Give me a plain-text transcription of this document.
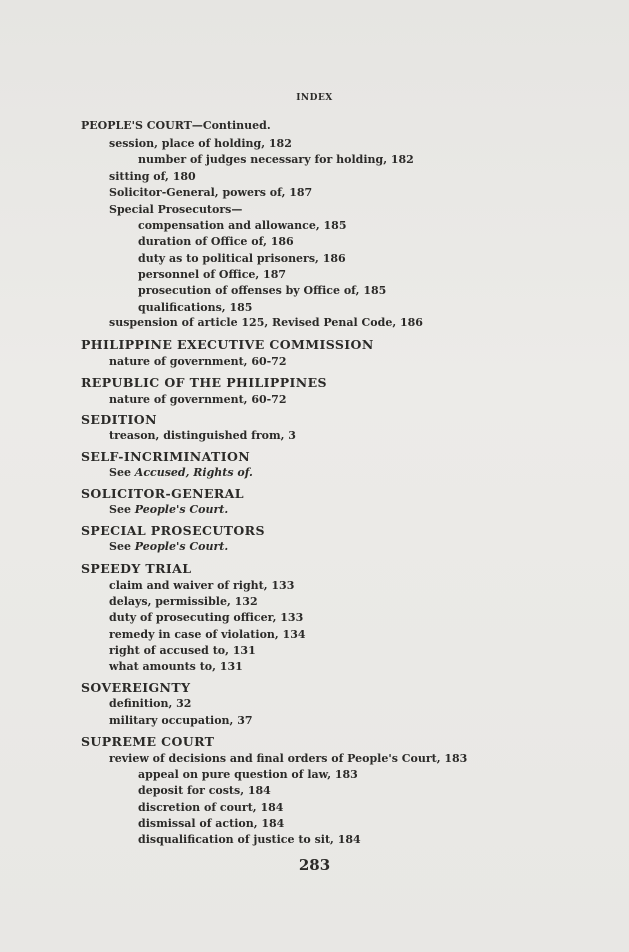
INDEX
PEOPLE'S COURT—Continued.
session, place of holding, 182
number of judges necessary for holding, 182
sitting of, 180
Solicitor-General, powers of, 187
Special Prosecutors—
compensation and allowance, 185
duration of Office of, 186
duty as to political prisoners, 186
personnel of Office, 187
prosecution of offenses by Office of, 185
qualifications, 185
suspension of article 125, Revised Penal Code, 186
PHILIPPINE EXECUTIVE COMMISSION
nature of government, 60-72
REPUBLIC OF THE PHILIPPINES
nature of government, 60-72
SEDITION
treason, distinguished from, 3
SELF-INCRIMINATION
See Accused, Rights of.
SOLICITOR-GENERAL
See People's Court.
SPECIAL PROSECUTORS
See People's Court.
SPEEDY TRIAL
claim and waiver of right, 133
delays, permissible, 132
duty of prosecuting officer, 133
remedy in case of violation, 134
right of accused to, 131
what amounts to, 131
SOVEREIGNTY
definition, 32
military occupation, 37
SUPREME COURT
review of decisions and final orders of People's Court, 183
appeal on pure question of law, 183
deposit for costs, 184
discretion of court, 184
dismissal of action, 184
disqualification of justice to sit, 184
283
